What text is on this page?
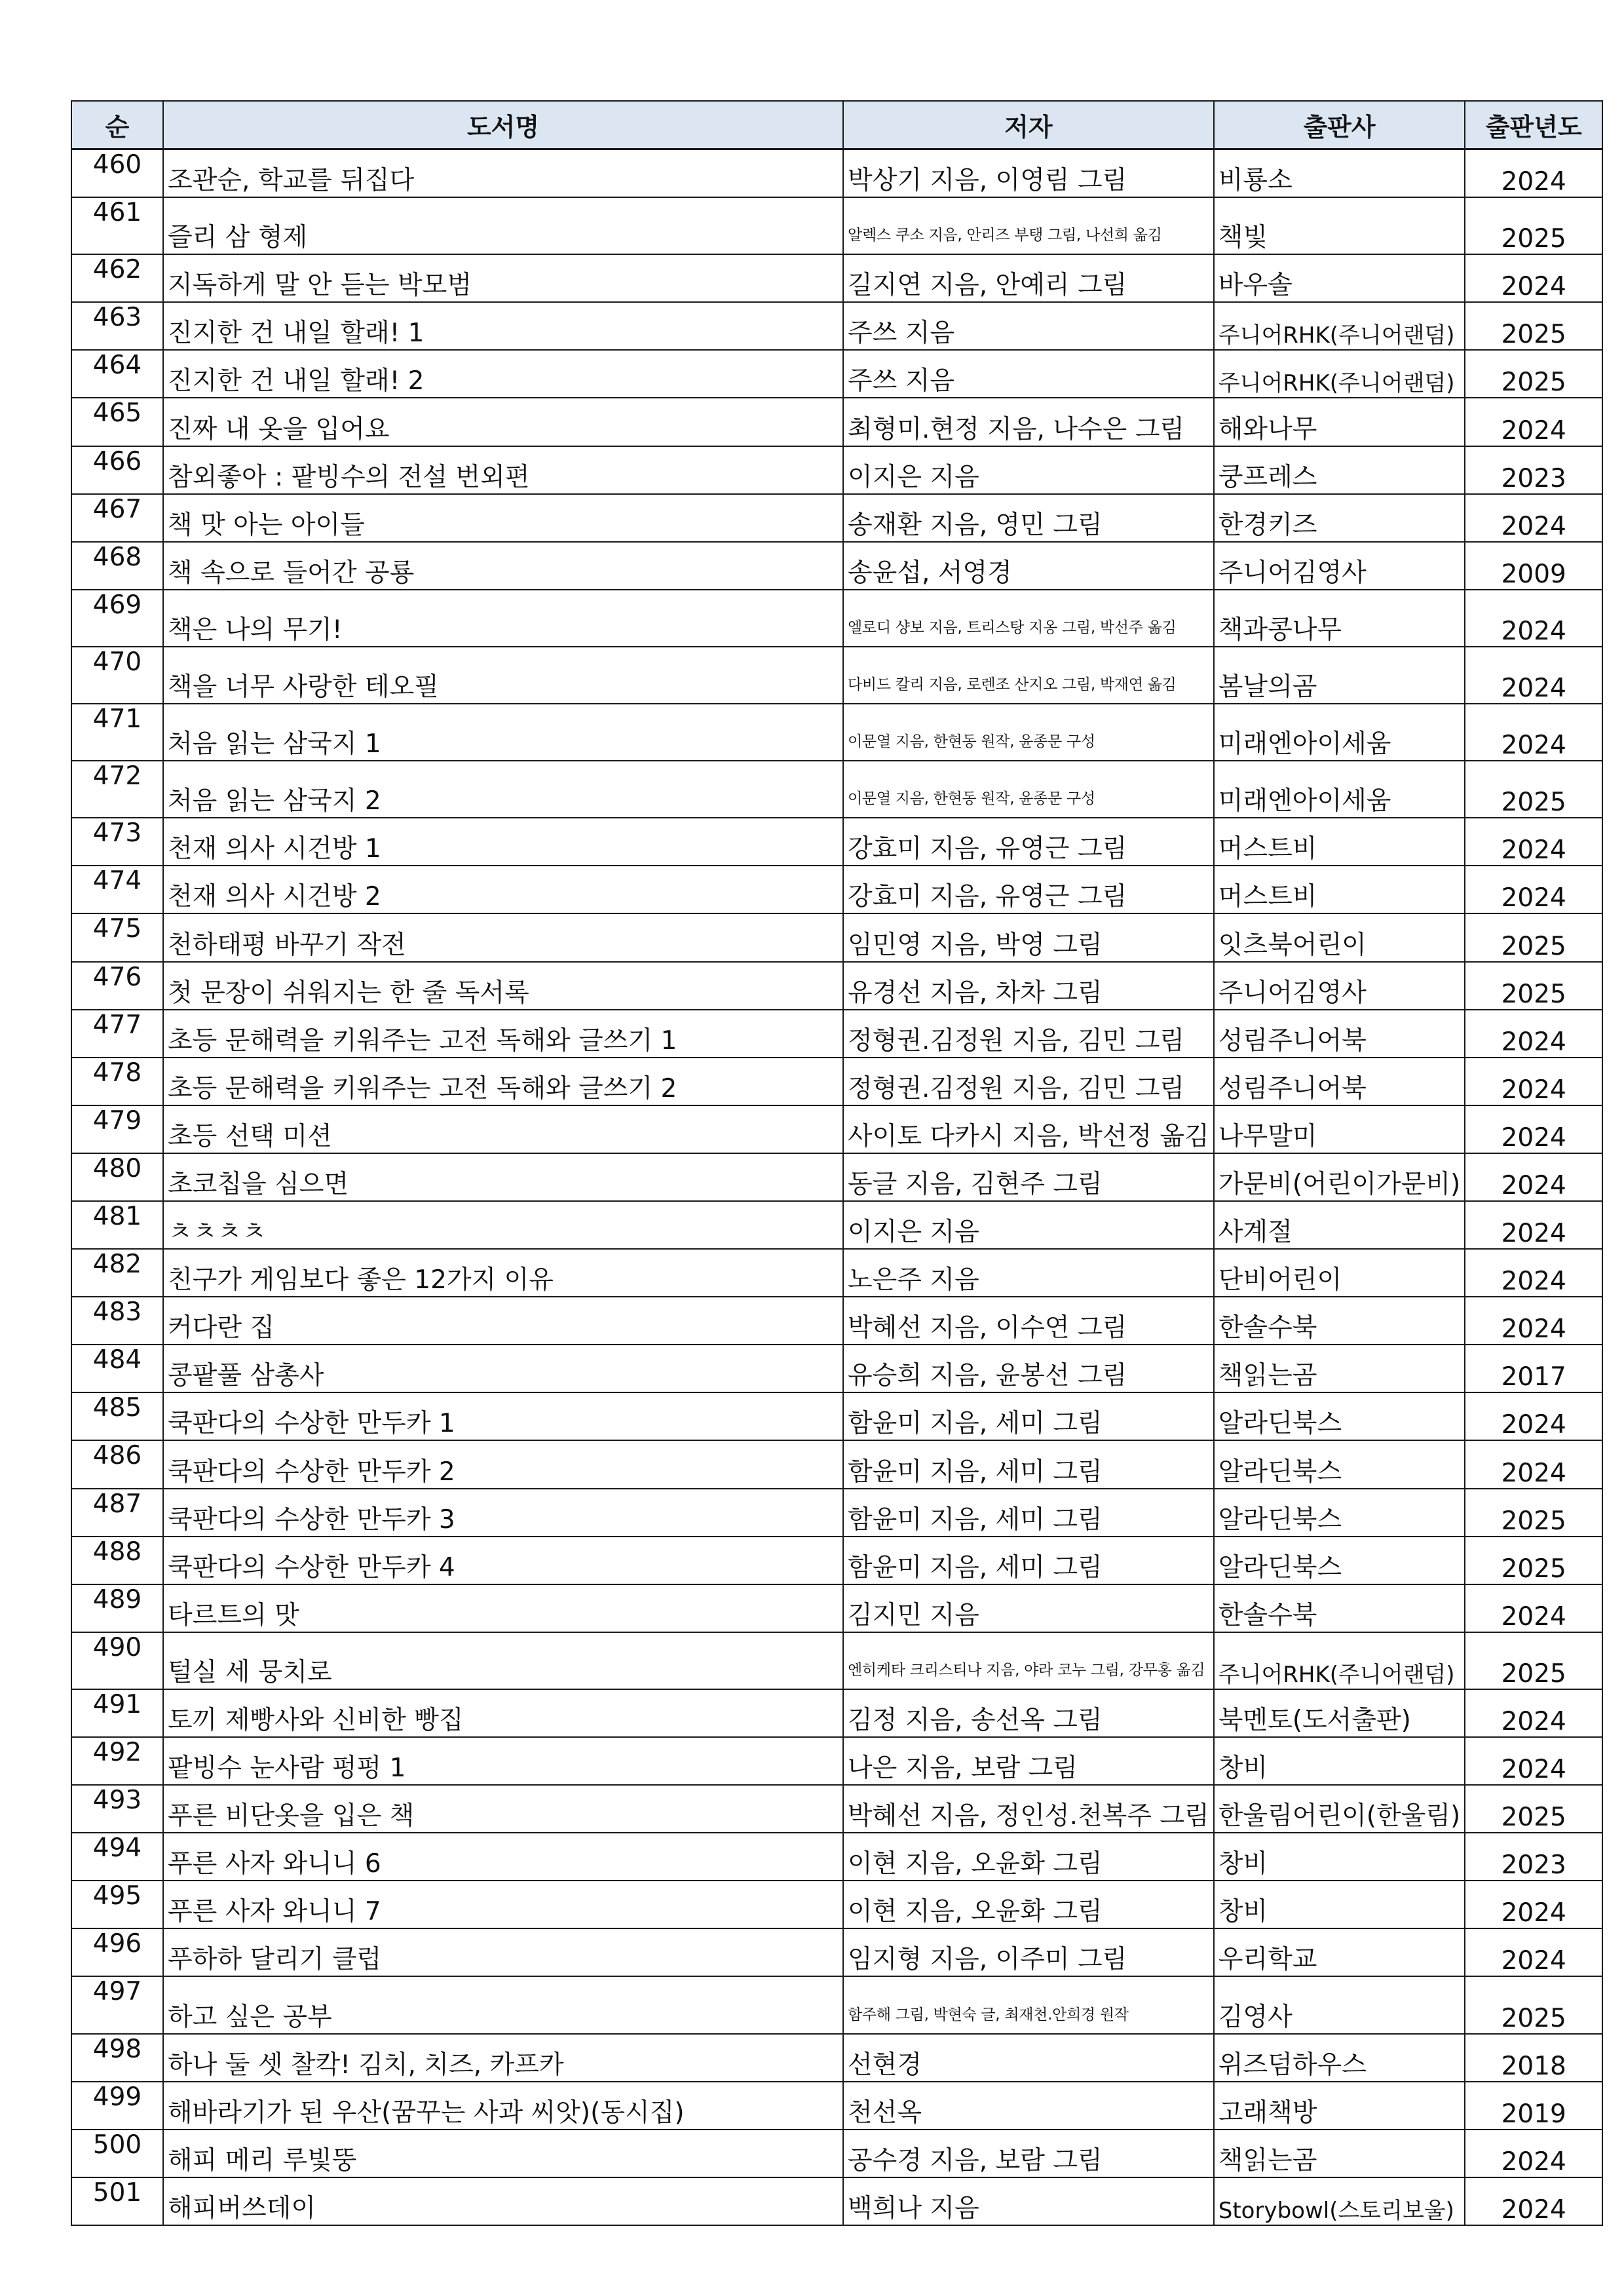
순	도서명	저자	출판사	출판년도
460	조관순, 학교를 뒤집다	박상기 지음, 이영림 그림	비룡소	2024
461	즐리 삼 형제	알렉스 쿠소 지음, 안리즈 부탱 그림, 나선희 옮김	책빛	2025
462	지독하게 말 안 듣는 박모범	길지연 지음, 안예리 그림	바우솔	2024
463	진지한 건 내일 할래! 1	주쓰 지음	주니어RHK(주니어랜덤)	2025
464	진지한 건 내일 할래! 2	주쓰 지음	주니어RHK(주니어랜덤)	2025
465	진짜 내 옷을 입어요	최형미.현정 지음, 나수은 그림	해와나무	2024
466	참외좋아 : 팥빙수의 전설 번외편	이지은 지음	쿵프레스	2023
467	책 맛 아는 아이들	송재환 지음, 영민 그림	한경키즈	2024
468	책 속으로 들어간 공룡	송윤섭, 서영경	주니어김영사	2009
469	책은 나의 무기!	엘로디 샹보 지음, 트리스탕 지옹 그림, 박선주 옮김	책과콩나무	2024
470	책을 너무 사랑한 테오필	다비드 칼리 지음, 로렌조 산지오 그림, 박재연 옮김	봄날의곰	2024
471	처음 읽는 삼국지 1	이문열 지음, 한현동 원작, 윤종문 구성	미래엔아이세움	2024
472	처음 읽는 삼국지 2	이문열 지음, 한현동 원작, 윤종문 구성	미래엔아이세움	2025
473	천재 의사 시건방 1	강효미 지음, 유영근 그림	머스트비	2024
474	천재 의사 시건방 2	강효미 지음, 유영근 그림	머스트비	2024
475	천하태평 바꾸기 작전	임민영 지음, 박영 그림	잇츠북어린이	2025
476	첫 문장이 쉬워지는 한 줄 독서록	유경선 지음, 차차 그림	주니어김영사	2025
477	초등 문해력을 키워주는 고전 독해와 글쓰기 1	정형권.김정원 지음, 김민 그림	성림주니어북	2024
478	초등 문해력을 키워주는 고전 독해와 글쓰기 2	정형권.김정원 지음, 김민 그림	성림주니어북	2024
479	초등 선택 미션	사이토 다카시 지음, 박선정 옮김	나무말미	2024
480	초코칩을 심으면	동글 지음, 김현주 그림	가문비(어린이가문비)	2024
481	ㅊㅊㅊㅊ	이지은 지음	사계절	2024
482	친구가 게임보다 좋은 12가지 이유	노은주 지음	단비어린이	2024
483	커다란 집	박혜선 지음, 이수연 그림	한솔수북	2024
484	콩팥풀 삼총사	유승희 지음, 윤봉선 그림	책읽는곰	2017
485	쿡판다의 수상한 만두카 1	함윤미 지음, 세미 그림	알라딘북스	2024
486	쿡판다의 수상한 만두카 2	함윤미 지음, 세미 그림	알라딘북스	2024
487	쿡판다의 수상한 만두카 3	함윤미 지음, 세미 그림	알라딘북스	2025
488	쿡판다의 수상한 만두카 4	함윤미 지음, 세미 그림	알라딘북스	2025
489	타르트의 맛	김지민 지음	한솔수북	2024
490	털실 세 뭉치로	엔히케타 크리스티나 지음, 야라 코누 그림, 강무홍 옮김	주니어RHK(주니어랜덤)	2025
491	토끼 제빵사와 신비한 빵집	김정 지음, 송선옥 그림	북멘토(도서출판)	2024
492	팥빙수 눈사람 펑펑 1	나은 지음, 보람 그림	창비	2024
493	푸른 비단옷을 입은 책	박혜선 지음, 정인성.천복주 그림	한울림어린이(한울림)	2025
494	푸른 사자 와니니 6	이현 지음, 오윤화 그림	창비	2023
495	푸른 사자 와니니 7	이현 지음, 오윤화 그림	창비	2024
496	푸하하 달리기 클럽	임지형 지음, 이주미 그림	우리학교	2024
497	하고 싶은 공부	함주해 그림, 박현숙 글, 최재천.안희경 원작	김영사	2025
498	하나 둘 셋 찰칵! 김치, 치즈, 카프카	선현경	위즈덤하우스	2018
499	해바라기가 된 우산(꿈꾸는 사과 씨앗)(동시집)	천선옥	고래책방	2019
500	해피 메리 루빛뚱	공수경 지음, 보람 그림	책읽는곰	2024
501	해피버쓰데이	백희나 지음	Storybowl(스토리보울)	2024
